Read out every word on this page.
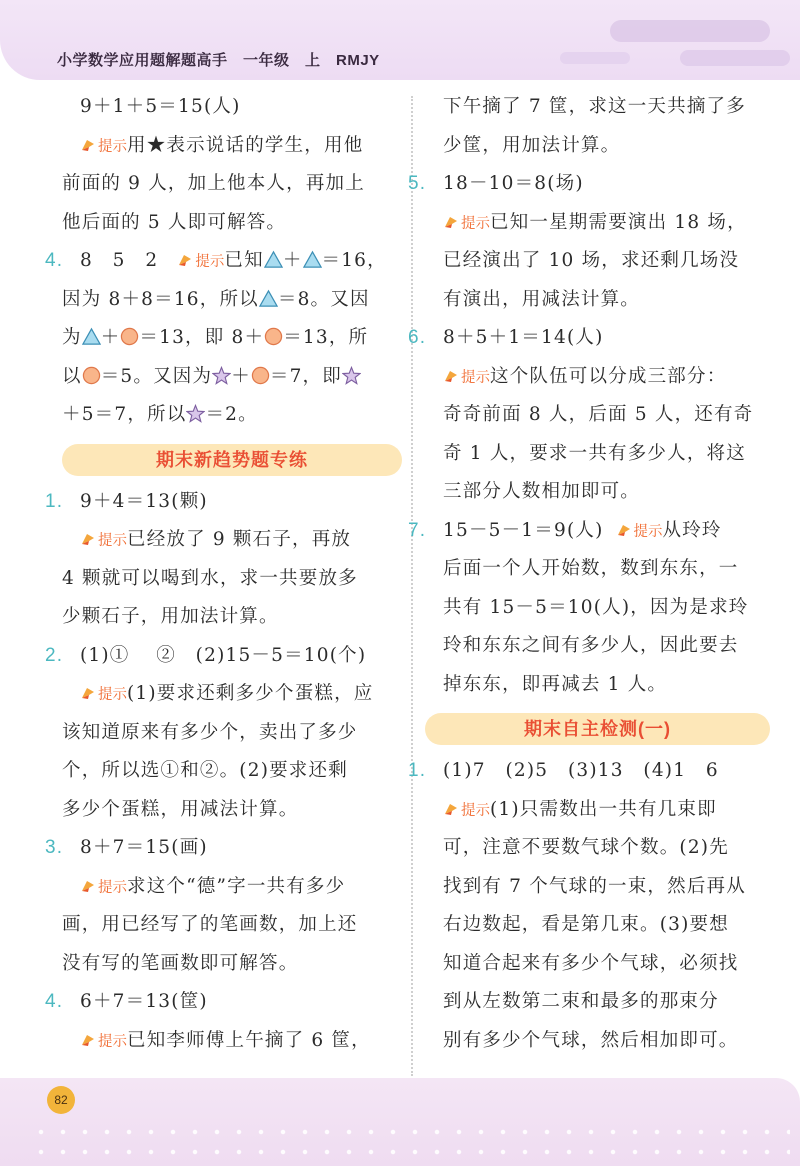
小学数学应用题解题高手　一年级　上　RMJY
9＋1＋5＝15(人)
提示用★表示说话的学生，用他
前面的 9 人，加上他本人，再加上
他后面的 5 人即可解答。
4. 8　5　2	提示已知 ＋ ＝16，
因为 8＋8＝16，所以 ＝8。又因
为 ＋ ＝13，即 8＋ ＝13，所
以 ＝5。又因为 ＋ ＝7，即
＋5＝7，所以 ＝2。
期末新趋势题专练
1. 9＋4＝13(颗)
提示已经放了 9 颗石子，再放
4 颗就可以喝到水，求一共要放多
少颗石子，用加法计算。
2. (1)①　 ②　(2)15－5＝10(个)
提示(1)要求还剩多少个蛋糕，应
该知道原来有多少个，卖出了多少
个，所以选①和②。(2)要求还剩
多少个蛋糕，用减法计算。
3. 8＋7＝15(画)
提示求这个“德”字一共有多少
画，用已经写了的笔画数，加上还
没有写的笔画数即可解答。
4. 6＋7＝13(筐)
提示已知李师傅上午摘了 6 筐，
下午摘了 7 筐，求这一天共摘了多
少筐，用加法计算。
5. 18－10＝8(场)
提示已知一星期需要演出 18 场，
已经演出了 10 场，求还剩几场没
有演出，用减法计算。
6. 8＋5＋1＝14(人)
提示这个队伍可以分成三部分：
奇奇前面 8 人，后面 5 人，还有奇
奇 1 人，要求一共有多少人，将这
三部分人数相加即可。
7. 15－5－1＝9(人) 提示从玲玲
后面一个人开始数，数到东东，一
共有 15－5＝10(人)，因为是求玲
玲和东东之间有多少人，因此要去
掉东东，即再减去 1 人。
期末自主检测(一)
1. (1)7　(2)5　(3)13　(4)1　6
提示(1)只需数出一共有几束即
可，注意不要数气球个数。(2)先
找到有 7 个气球的一束，然后再从
右边数起，看是第几束。(3)要想
知道合起来有多少个气球，必须找
到从左数第二束和最多的那束分
别有多少个气球，然后相加即可。
82
